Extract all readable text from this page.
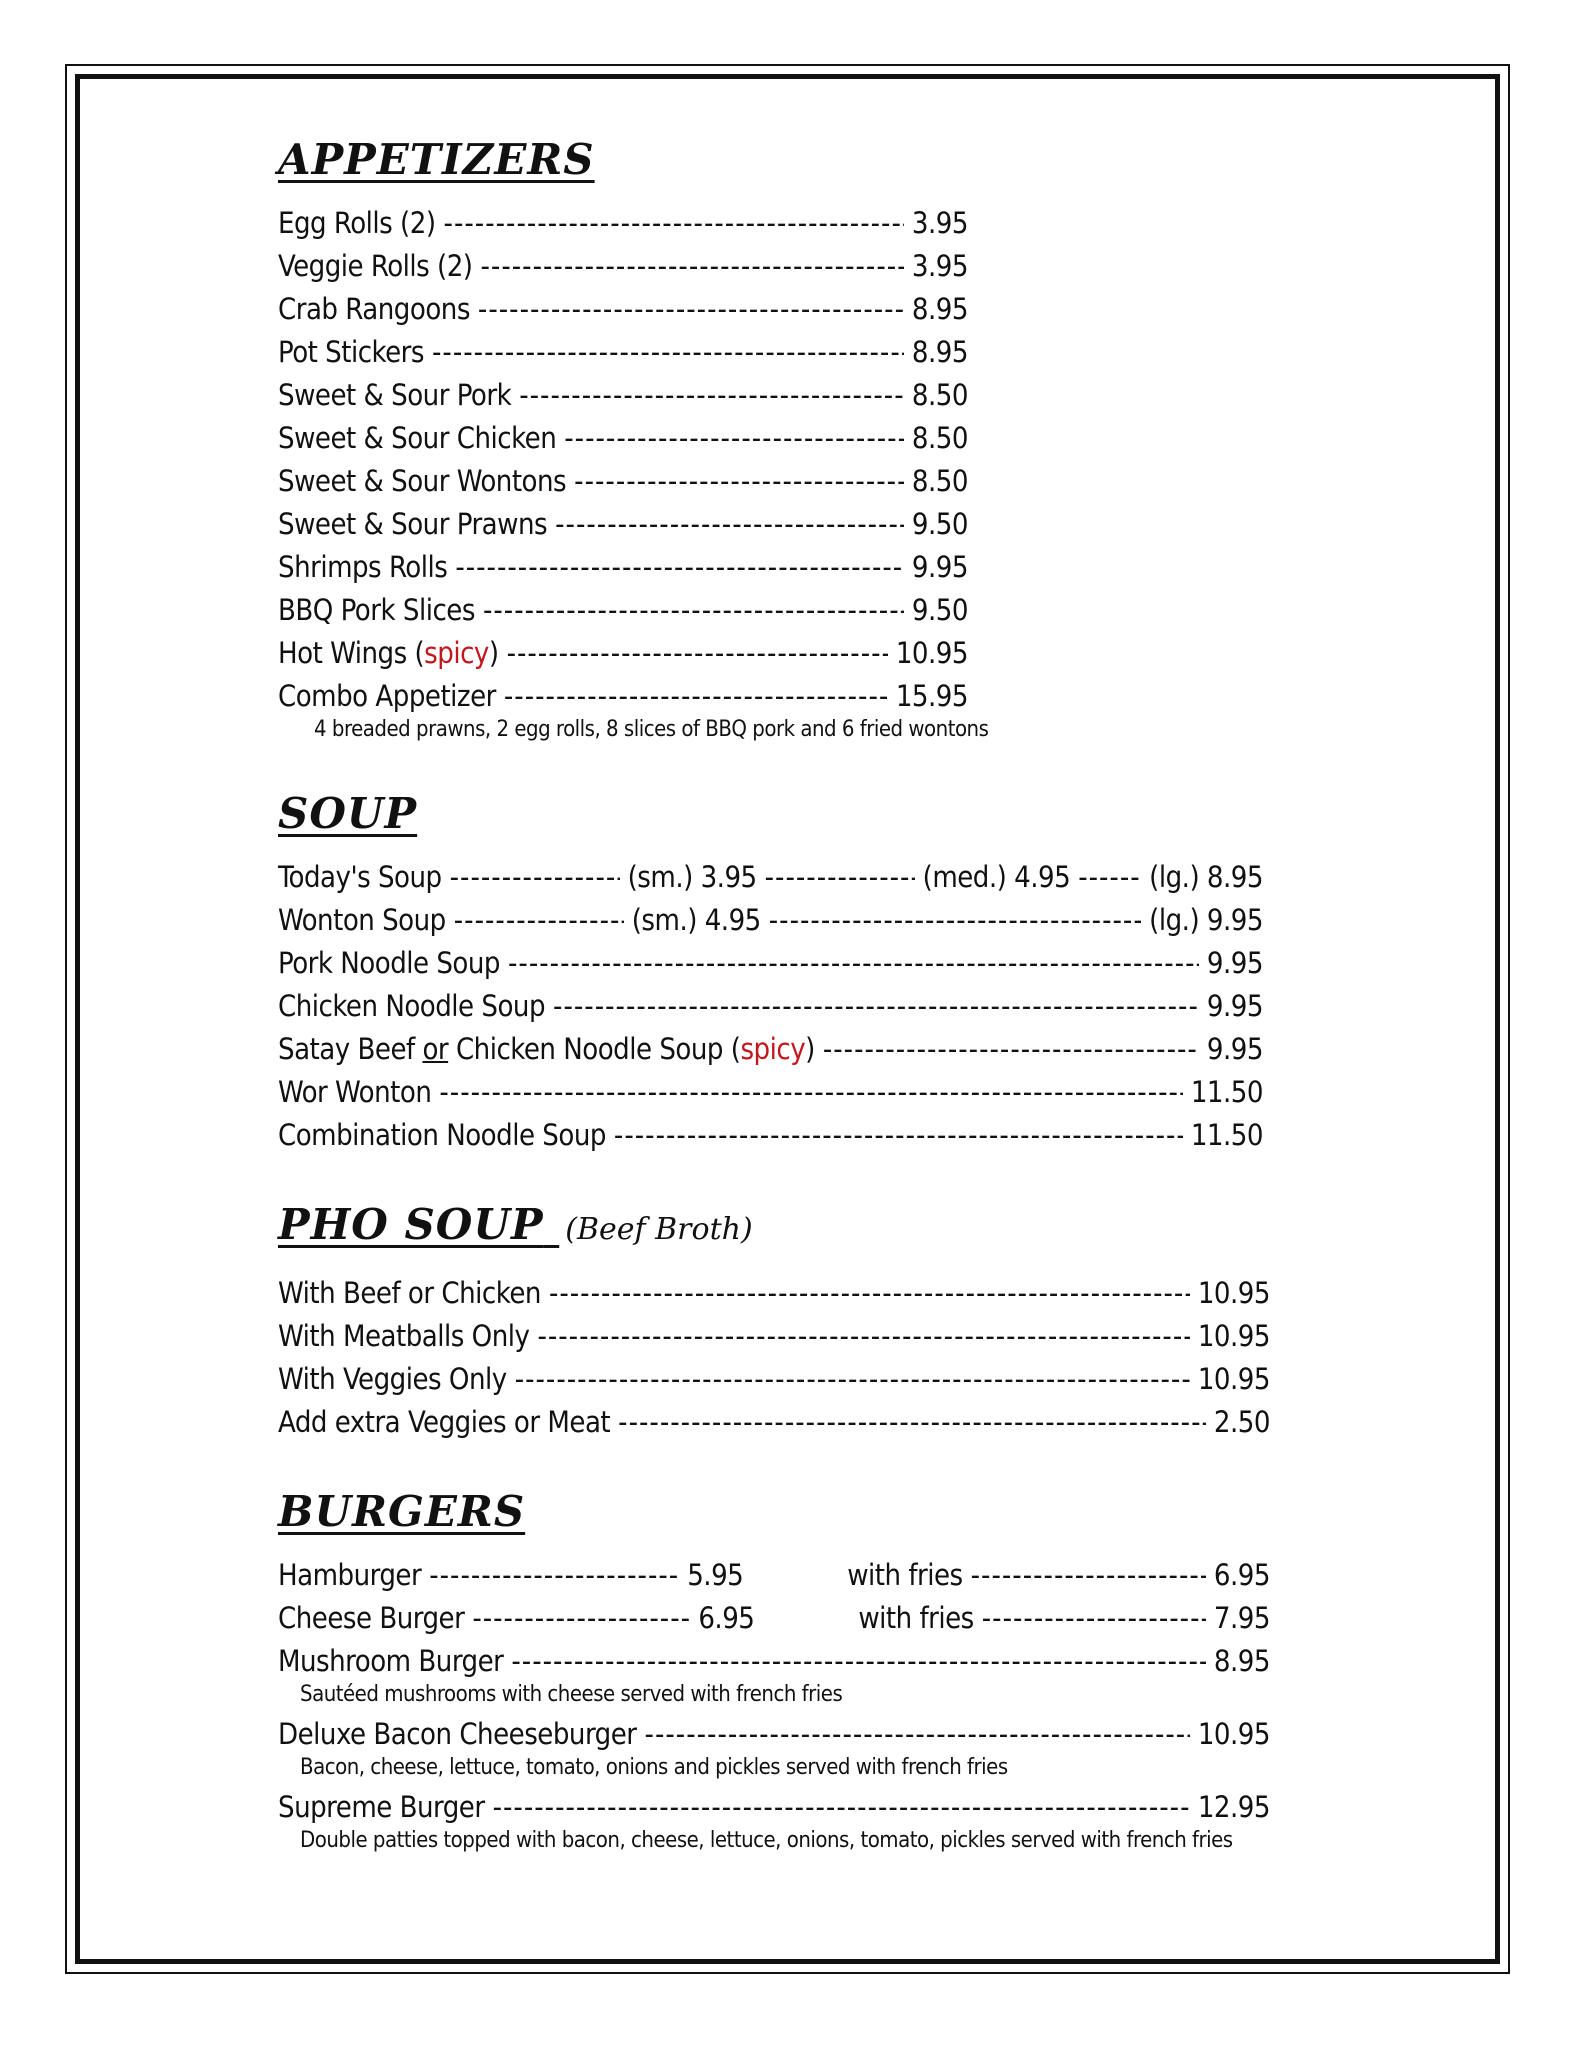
APPETIZERS
Egg Rolls (2) -----	3.95
Veggie Rolls (2) -----	3.95
Crab Rangoons -----	8.95
Pot Stickers -----	8.95
Sweet & Sour Pork -----	8.50
Sweet & Sour Chicken -----	8.50
Sweet & Sour Wontons -----	8.50
Sweet & Sour Prawns -----	9.50
Shrimps Rolls -----	9.95
BBQ Pork Slices -----	9.50
Hot Wings (spicy) -----	10.95
Combo Appetizer -----	15.95
4 breaded prawns, 2 egg rolls, 8 slices of BBQ pork and 6 fried wontons
SOUP
Today's Soup -----	(sm.) 3.95 -----	(med.) 4.95 -----	(lg.) 8.95
Wonton Soup -----	(sm.) 4.95 -----	(lg.) 9.95
Pork Noodle Soup -----	9.95
Chicken Noodle Soup -----	9.95
Satay Beef or Chicken Noodle Soup (spicy) -----	9.95
Wor Wonton -----	11.50
Combination Noodle Soup -----	11.50
PHO SOUP (Beef Broth)
With Beef or Chicken -----	10.95
With Meatballs Only -----	10.95
With Veggies Only -----	10.95
Add extra Veggies or Meat -----	2.50
BURGERS
Hamburger -----	5.95	with fries -----	6.95
Cheese Burger -----	6.95	with fries -----	7.95
Mushroom Burger -----	8.95
Sautéed mushrooms with cheese served with french fries
Deluxe Bacon Cheeseburger -----	10.95
Bacon, cheese, lettuce, tomato, onions and pickles served with french fries
Supreme Burger -----	12.95
Double patties topped with bacon, cheese, lettuce, onions, tomato, pickles served with french fries
